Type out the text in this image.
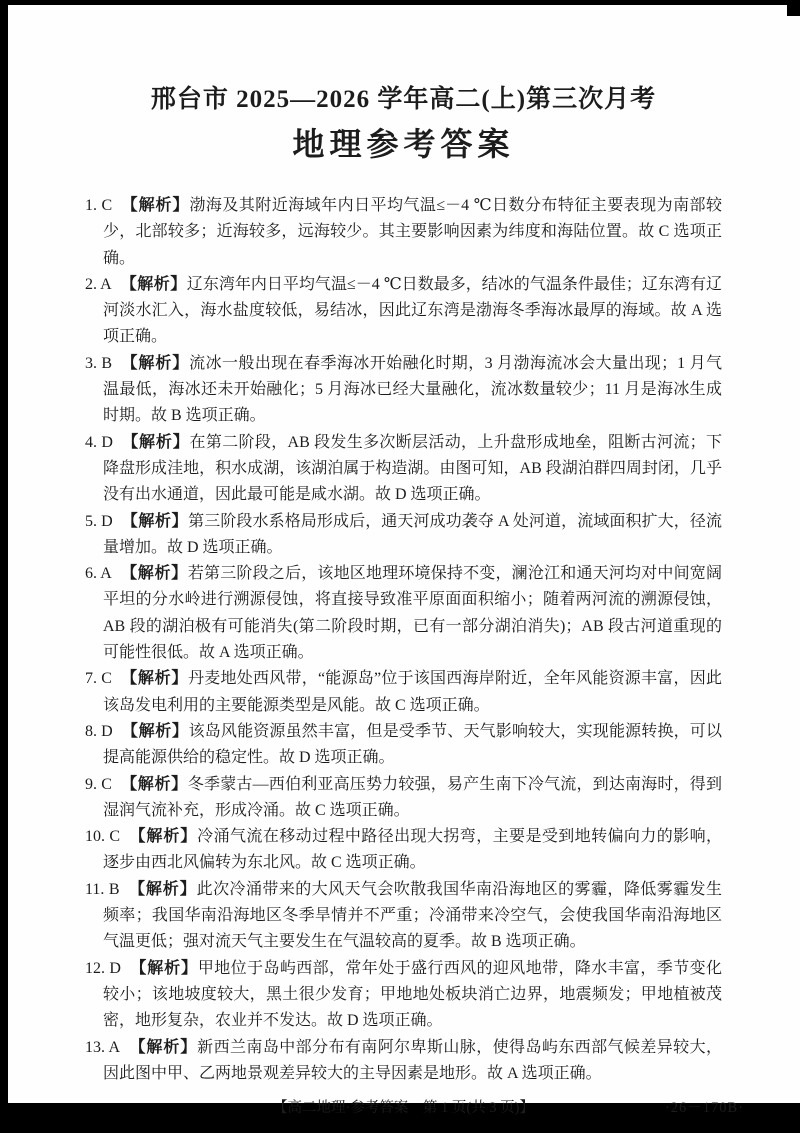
邢台市 2025—2026 学年高二(上)第三次月考
地理参考答案

1. C 【解析】渤海及其附近海域年内日平均气温≤－4 ℃日数分布特征主要表现为南部较少，北部较多；近海较多，远海较少。其主要影响因素为纬度和海陆位置。故 C 选项正确。

2. A 【解析】辽东湾年内日平均气温≤－4 ℃日数最多，结冰的气温条件最佳；辽东湾有辽河淡水汇入，海水盐度较低，易结冰，因此辽东湾是渤海冬季海冰最厚的海域。故 A 选项正确。

3. B 【解析】流冰一般出现在春季海冰开始融化时期，3 月渤海流冰会大量出现；1 月气温最低，海冰还未开始融化；5 月海冰已经大量融化，流冰数量较少；11 月是海冰生成时期。故 B 选项正确。

4. D 【解析】在第二阶段，AB 段发生多次断层活动，上升盘形成地垒，阻断古河流；下降盘形成洼地，积水成湖，该湖泊属于构造湖。由图可知，AB 段湖泊群四周封闭，几乎没有出水通道，因此最可能是咸水湖。故 D 选项正确。

5. D 【解析】第三阶段水系格局形成后，通天河成功袭夺 A 处河道，流域面积扩大，径流量增加。故 D 选项正确。

6. A 【解析】若第三阶段之后，该地区地理环境保持不变，澜沧江和通天河均对中间宽阔平坦的分水岭进行溯源侵蚀，将直接导致准平原面面积缩小；随着两河流的溯源侵蚀，AB 段的湖泊极有可能消失(第二阶段时期，已有一部分湖泊消失)；AB 段古河道重现的可能性很低。故 A 选项正确。

7. C 【解析】丹麦地处西风带，“能源岛”位于该国西海岸附近，全年风能资源丰富，因此该岛发电利用的主要能源类型是风能。故 C 选项正确。

8. D 【解析】该岛风能资源虽然丰富，但是受季节、天气影响较大，实现能源转换，可以提高能源供给的稳定性。故 D 选项正确。

9. C 【解析】冬季蒙古—西伯利亚高压势力较强，易产生南下冷气流，到达南海时，得到湿润气流补充，形成冷涌。故 C 选项正确。

10. C 【解析】冷涌气流在移动过程中路径出现大拐弯，主要是受到地转偏向力的影响，逐步由西北风偏转为东北风。故 C 选项正确。

11. B 【解析】此次冷涌带来的大风天气会吹散我国华南沿海地区的雾霾，降低雾霾发生频率；我国华南沿海地区冬季旱情并不严重；冷涌带来冷空气，会使我国华南沿海地区气温更低；强对流天气主要发生在气温较高的夏季。故 B 选项正确。

12. D 【解析】甲地位于岛屿西部，常年处于盛行西风的迎风地带，降水丰富，季节变化较小；该地坡度较大，黑土很少发育；甲地地处板块消亡边界，地震频发；甲地植被茂密，地形复杂，农业并不发达。故 D 选项正确。

13. A 【解析】新西兰南岛中部分布有南阿尔卑斯山脉，使得岛屿东西部气候差异较大，因此图中甲、乙两地景观差异较大的主导因素是地形。故 A 选项正确。

【高二地理·参考答案　第 1 页(共 3 页)】	·26－170B·
